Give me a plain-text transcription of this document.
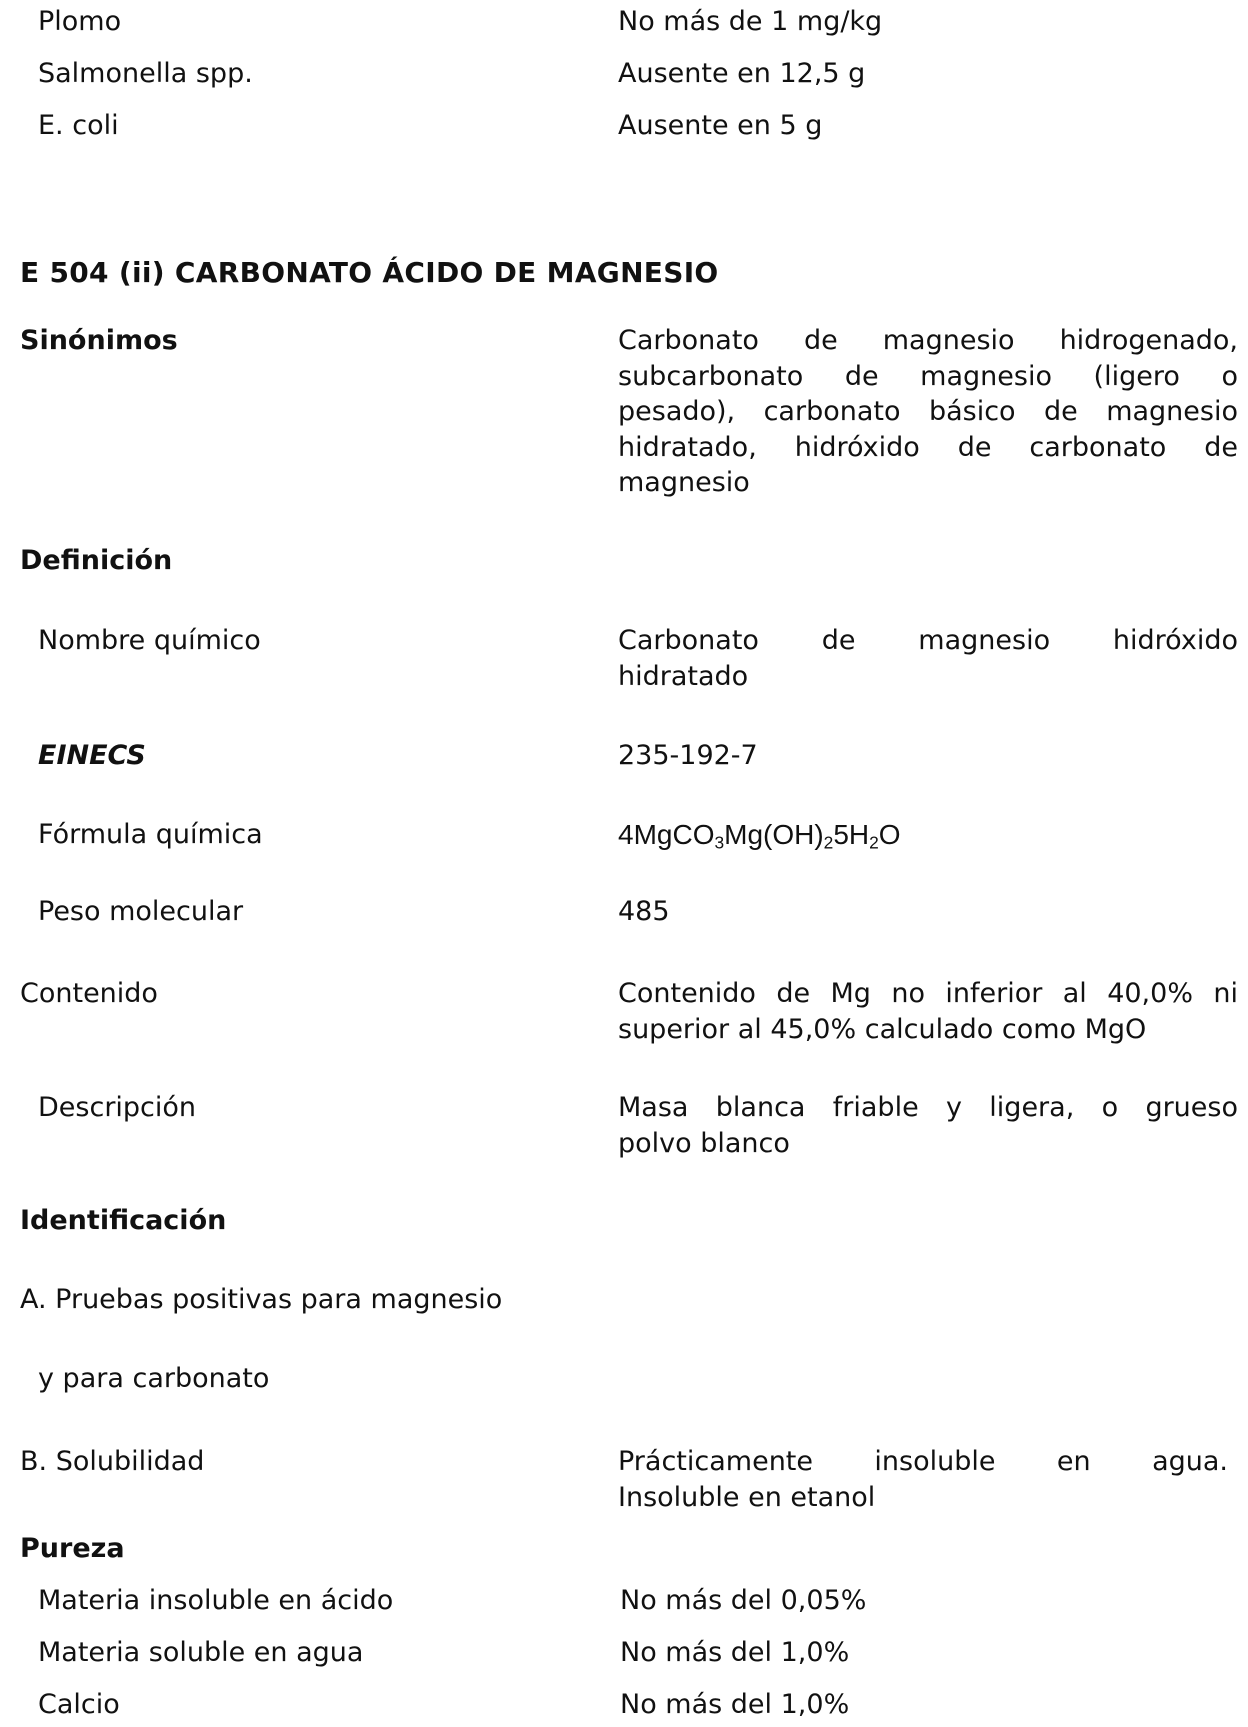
Plomo	No más de 1 mg/kg
Salmonella spp.	Ausente en 12,5 g
E. coli	Ausente en 5 g
E 504 (ii) CARBONATO ÁCIDO DE MAGNESIO
Sinónimos	Carbonato de magnesio hidrogenado,
subcarbonato de magnesio (ligero o
pesado), carbonato básico de magnesio
hidratado, hidróxido de carbonato de
magnesio
Definición
Nombre químico	Carbonato de magnesio hidróxido
hidratado
EINECS	235-192-7
Fórmula química	$4MgCO_3Mg(OH)_25H_2O$
Peso molecular	485
Contenido	Contenido de Mg no inferior al 40,0% ni
superior al 45,0% calculado como MgO
Descripción	Masa blanca friable y ligera, o grueso
polvo blanco
Identificación
A. Pruebas positivas para magnesio
y para carbonato
B. Solubilidad	Prácticamente insoluble en agua.
Insoluble en etanol
Pureza
Materia insoluble en ácido	No más del 0,05%
Materia soluble en agua	No más del 1,0%
Calcio	No más del 1,0%
